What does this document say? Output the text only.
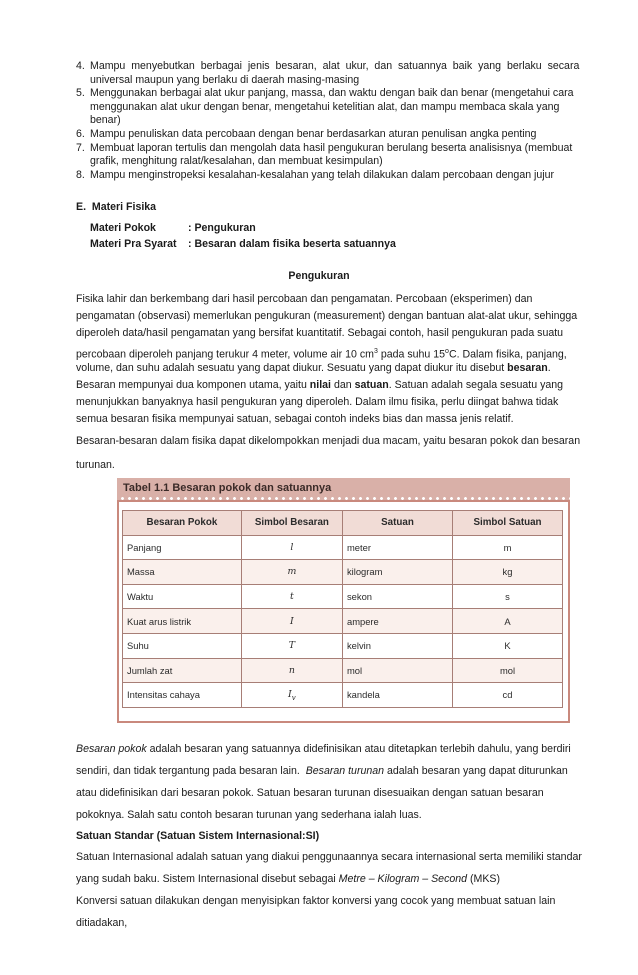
4. Mampu  menyebutkan  berbagai  jenis  besaran,  alat  ukur,  dan  satuannya  baik  yang  berlaku  secara
universal maupun yang berlaku di daerah masing-masing
5. Menggunakan berbagai alat ukur panjang, massa, dan waktu dengan baik dan benar (mengetahui cara
menggunakan alat ukur dengan benar, mengetahui ketelitian alat, dan mampu membaca skala yang
benar)
6. Mampu penuliskan data percobaan dengan benar berdasarkan aturan penulisan angka penting
7. Membuat laporan tertulis dan mengolah data hasil pengukuran berulang beserta analisisnya (membuat
grafik, menghitung ralat/kesalahan, dan membuat kesimpulan)
8. Mampu menginstropeksi kesalahan-kesalahan yang telah dilakukan dalam percobaan dengan jujur
E.  Materi Fisika
Materi Pokok	: Pengukuran
Materi Pra Syarat : Besaran dalam fisika beserta satuannya
Pengukuran
Fisika lahir dan berkembang dari hasil percobaan dan pengamatan. Percobaan (eksperimen) dan
pengamatan (observasi) memerlukan pengukuran (measurement) dengan bantuan alat-alat ukur, sehingga
diperoleh data/hasil pengamatan yang bersifat kuantitatif. Sebagai contoh, hasil pengukuran pada suatu
percobaan diperoleh panjang terukur 4 meter, volume air 10 $cm^3$ pada suhu 15$^o$C. Dalam fisika, panjang,
volume, dan suhu adalah sesuatu yang dapat diukur. Sesuatu yang dapat diukur itu disebut besaran.
Besaran mempunyai dua komponen utama, yaitu nilai dan satuan. Satuan adalah segala sesuatu yang
menunjukkan banyaknya hasil pengukuran yang diperoleh. Dalam ilmu fisika, perlu diingat bahwa tidak
semua besaran fisika mempunyai satuan, sebagai contoh indeks bias dan massa jenis relatif.
Besaran-besaran dalam fisika dapat dikelompokkan menjadi dua macam, yaitu besaran pokok dan besaran
turunan.
Tabel 1.1 Besaran pokok dan satuannya
Besaran Pokok	Simbol Besaran	Satuan	Simbol Satuan
Panjang	l	meter	m
Massa	m	kilogram	kg
Waktu	t	sekon	s
Kuat arus listrik	I	ampere	A
Suhu	T	kelvin	K
Jumlah zat	n	mol	mol
Intensitas cahaya	$I_v$	kandela	cd
Besaran pokok adalah besaran yang satuannya didefinisikan atau ditetapkan terlebih dahulu, yang berdiri
sendiri, dan tidak tergantung pada besaran lain.  Besaran turunan adalah besaran yang dapat diturunkan
atau didefinisikan dari besaran pokok. Satuan besaran turunan disesuaikan dengan satuan besaran
pokoknya. Salah satu contoh besaran turunan yang sederhana ialah luas.
Satuan Standar (Satuan Sistem Internasional:SI)
Satuan Internasional adalah satuan yang diakui penggunaannya secara internasional serta memiliki standar
yang sudah baku. Sistem Internasional disebut sebagai Metre – Kilogram – Second (MKS)
Konversi satuan dilakukan dengan menyisipkan faktor konversi yang cocok yang membuat satuan lain
ditiadakan,
